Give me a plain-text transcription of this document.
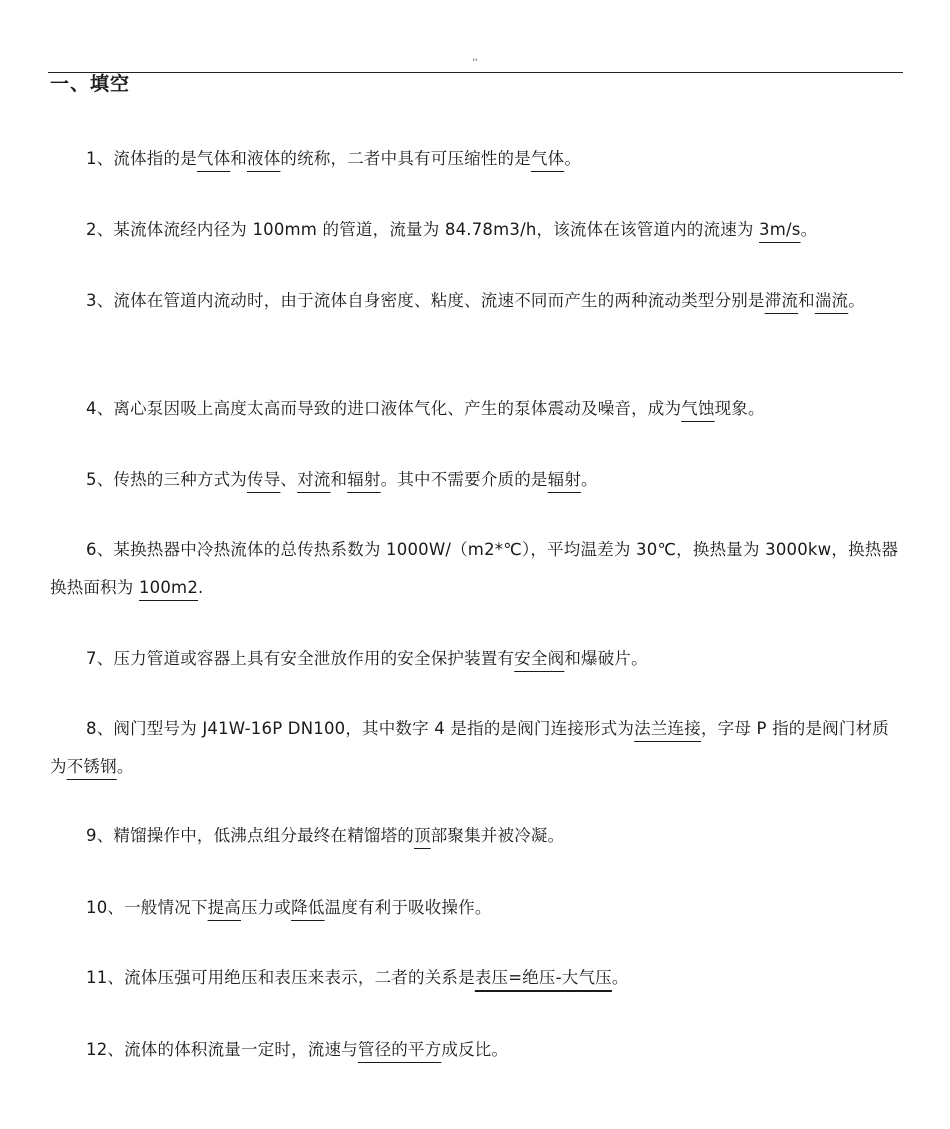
''
一、填空

1、流体指的是气体和液体的统称，二者中具有可压缩性的是气体。

2、某流体流经内径为 100mm 的管道，流量为 84.78m3/h，该流体在该管道内的流速为 3m/s。

3、流体在管道内流动时，由于流体自身密度、粘度、流速不同而产生的两种流动类型分别是滞流和湍流。

4、离心泵因吸上高度太高而导致的进口液体气化、产生的泵体震动及噪音，成为气蚀现象。

5、传热的三种方式为传导、对流和辐射。其中不需要介质的是辐射。

6、某换热器中冷热流体的总传热系数为 1000W/（m2*℃），平均温差为 30℃，换热量为 3000kw，换热器换热面积为 100m2.

7、压力管道或容器上具有安全泄放作用的安全保护装置有安全阀和爆破片。

8、阀门型号为 J41W-16P DN100，其中数字 4 是指的是阀门连接形式为法兰连接，字母 P 指的是阀门材质为不锈钢。

9、精馏操作中，低沸点组分最终在精馏塔的顶部聚集并被冷凝。

10、一般情况下提高压力或降低温度有利于吸收操作。

11、流体压强可用绝压和表压来表示，二者的关系是表压=绝压-大气压。

12、流体的体积流量一定时，流速与管径的平方成反比。
